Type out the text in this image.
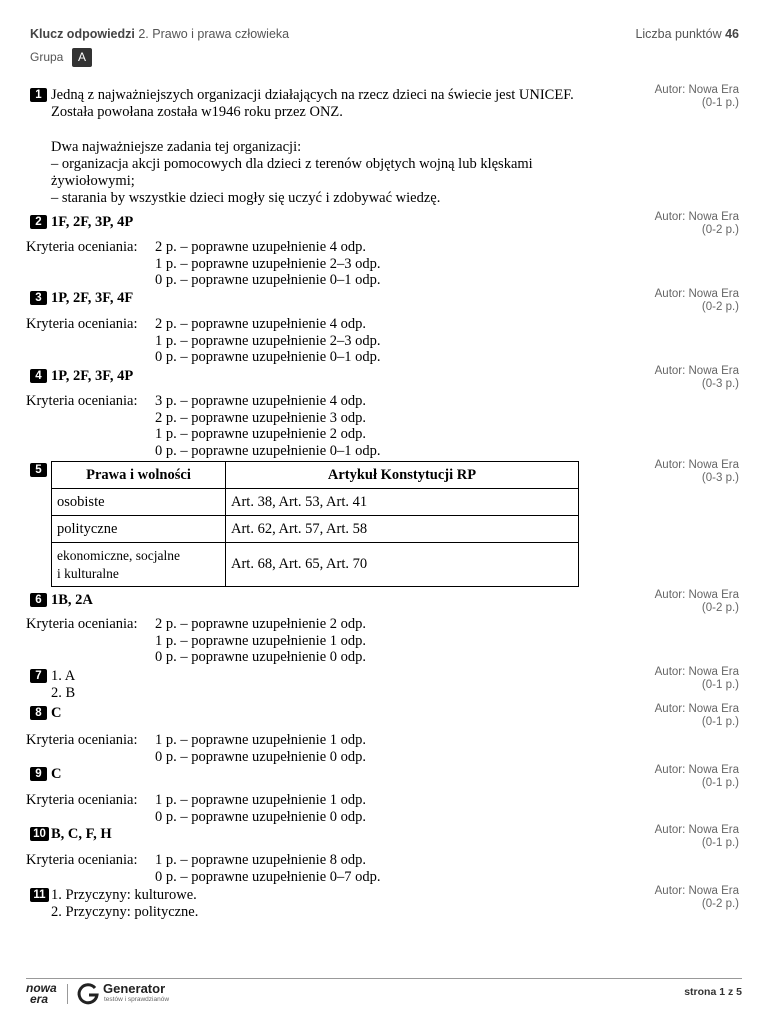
Klucz odpowiedzi 2. Prawo i prawa człowieka	Liczba punktów 46
Grupa	A
1 Jedną z najważniejszych organizacji działających na rzecz dzieci na świecie jest UNICEF.
Została powołana została w1946 roku przez ONZ.
Dwa najważniejsze zadania tej organizacji:
– organizacja akcji pomocowych dla dzieci z terenów objętych wojną lub klęskami
żywiołowymi;
– starania by wszystkie dzieci mogły się uczyć i zdobywać wiedzę.
Autor: Nowa Era
(0-1 p.)
2 1F, 2F, 3P, 4P	Autor: Nowa Era
(0-2 p.)
Kryteria oceniania: 2 p. – poprawne uzupełnienie 4 odp.
1 p. – poprawne uzupełnienie 2–3 odp.
0 p. – poprawne uzupełnienie 0–1 odp.
3 1P, 2F, 3F, 4F	Autor: Nowa Era
(0-2 p.)
Kryteria oceniania: 2 p. – poprawne uzupełnienie 4 odp.
1 p. – poprawne uzupełnienie 2–3 odp.
0 p. – poprawne uzupełnienie 0–1 odp.
4 1P, 2F, 3F, 4P	Autor: Nowa Era
(0-3 p.)
Kryteria oceniania: 3 p. – poprawne uzupełnienie 4 odp.
2 p. – poprawne uzupełnienie 3 odp.
1 p. – poprawne uzupełnienie 2 odp.
0 p. – poprawne uzupełnienie 0–1 odp.
5	Autor: Nowa Era
(0-3 p.)
Prawa i wolności	Artykuł Konstytucji RP
osobiste	Art. 38, Art. 53, Art. 41
polityczne	Art. 62, Art. 57, Art. 58

ekonomiczne, socjalne
i kulturalne	Art. 68, Art. 65, Art. 70
6 1B, 2A	Autor: Nowa Era
(0-2 p.)
Kryteria oceniania: 2 p. – poprawne uzupełnienie 2 odp.
1 p. – poprawne uzupełnienie 1 odp.
0 p. – poprawne uzupełnienie 0 odp.
7 1. A
2. B
Autor: Nowa Era
(0-1 p.)
8 C	Autor: Nowa Era
(0-1 p.)
Kryteria oceniania: 1 p. – poprawne uzupełnienie 1 odp.
0 p. – poprawne uzupełnienie 0 odp.
9 C	Autor: Nowa Era
(0-1 p.)
Kryteria oceniania: 1 p. – poprawne uzupełnienie 1 odp.
0 p. – poprawne uzupełnienie 0 odp.
10 B, C, F, H	Autor: Nowa Era
(0-1 p.)
Kryteria oceniania: 1 p. – poprawne uzupełnienie 8 odp.
0 p. – poprawne uzupełnienie 0–7 odp.
11 1. Przyczyny: kulturowe.
2. Przyczyny: polityczne.
Autor: Nowa Era
(0-2 p.)
nowa
era
Generator
testów i sprawdzianów
strona 1 z 5
